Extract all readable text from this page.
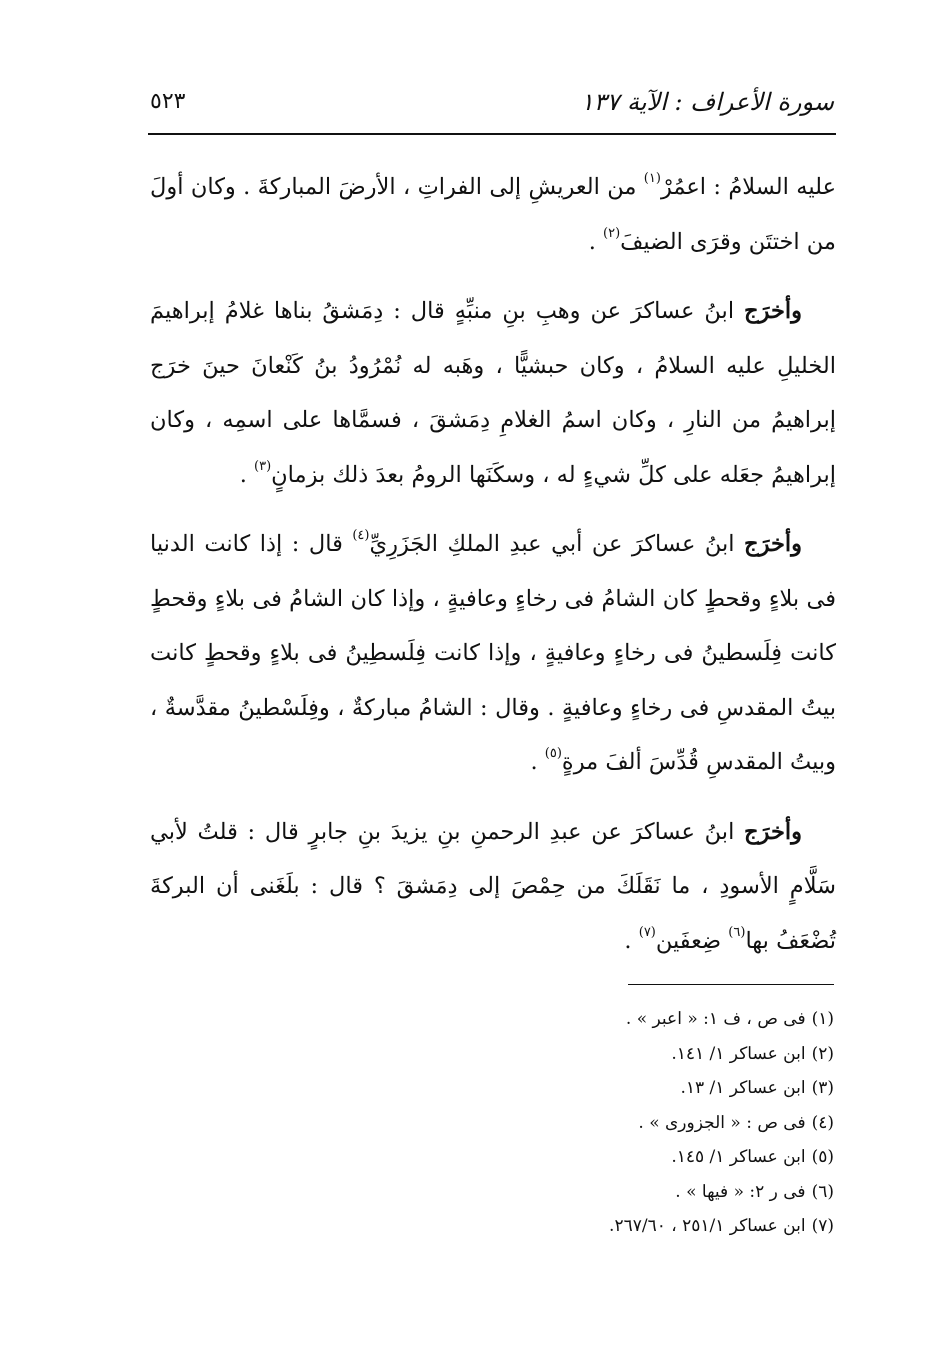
سورة الأعراف : الآية ١٣٧
٥٢٣

عليه السلامُ : اعمُرْ$^{(١)}$ من العريشِ إلى الفراتِ ، الأرضَ المباركةَ . وكان أولَ من اختتَن وقرَى الضيفَ$^{(٢)}$ .

وأخرَج ابنُ عساكرَ عن وهبِ بنِ منبِّهٍ قال : دِمَشقُ بناها غلامُ إبراهيمَ الخليلِ عليه السلامُ ، وكان حبشيًّا ، وهَبه له نُمْرُودُ بنُ كَنْعانَ حينَ خرَج إبراهيمُ من النارِ ، وكان اسمُ الغلامِ دِمَشقَ ، فسمَّاها على اسمِه ، وكان إبراهيمُ جعَله على كلِّ شيءٍ له ، وسكَنَها الرومُ بعدَ ذلك بزمانٍ$^{(٣)}$ .

وأخرَج ابنُ عساكرَ عن أبي عبدِ الملكِ الجَزَرِيِّ$^{(٤)}$ قال : إذا كانت الدنيا فى بلاءٍ وقحطٍ كان الشامُ فى رخاءٍ وعافيةٍ ، وإذا كان الشامُ فى بلاءٍ وقحطٍ كانت فِلَسطينُ فى رخاءٍ وعافيةٍ ، وإذا كانت فِلَسطِينُ فى بلاءٍ وقحطٍ كانت بيتُ المقدسِ فى رخاءٍ وعافيةٍ . وقال : الشامُ مباركةٌ ، وفِلَسْطينُ مقدَّسةٌ ، وبيتُ المقدسِ قُدِّسَ ألفَ مرةٍ$^{(٥)}$ .

وأخرَج ابنُ عساكرَ عن عبدِ الرحمنِ بنِ يزيدَ بنِ جابرٍ قال : قلتُ لأبي سَلَّامٍ الأسودِ ، ما نَقَلَكَ من حِمْصَ إلى دِمَشقَ ؟ قال : بلَغَنى أن البركةَ تُضْعَفُ بها$^{(٦)}$ ضِعفَين$^{(٧)}$ .

(١)فى ص ، ف ١: « اعبر » .

(٢)ابن عساكر ١/ ١٤١.

(٣)ابن عساكر ١/ ١٣.

(٤)فى ص : « الجزورى » .

(٥)ابن عساكر ١/ ١٤٥.

(٦)فى ر ٢: « فيها » .

(٧)ابن عساكر ٢٥١/١ ، ٢٦٧/٦٠.
